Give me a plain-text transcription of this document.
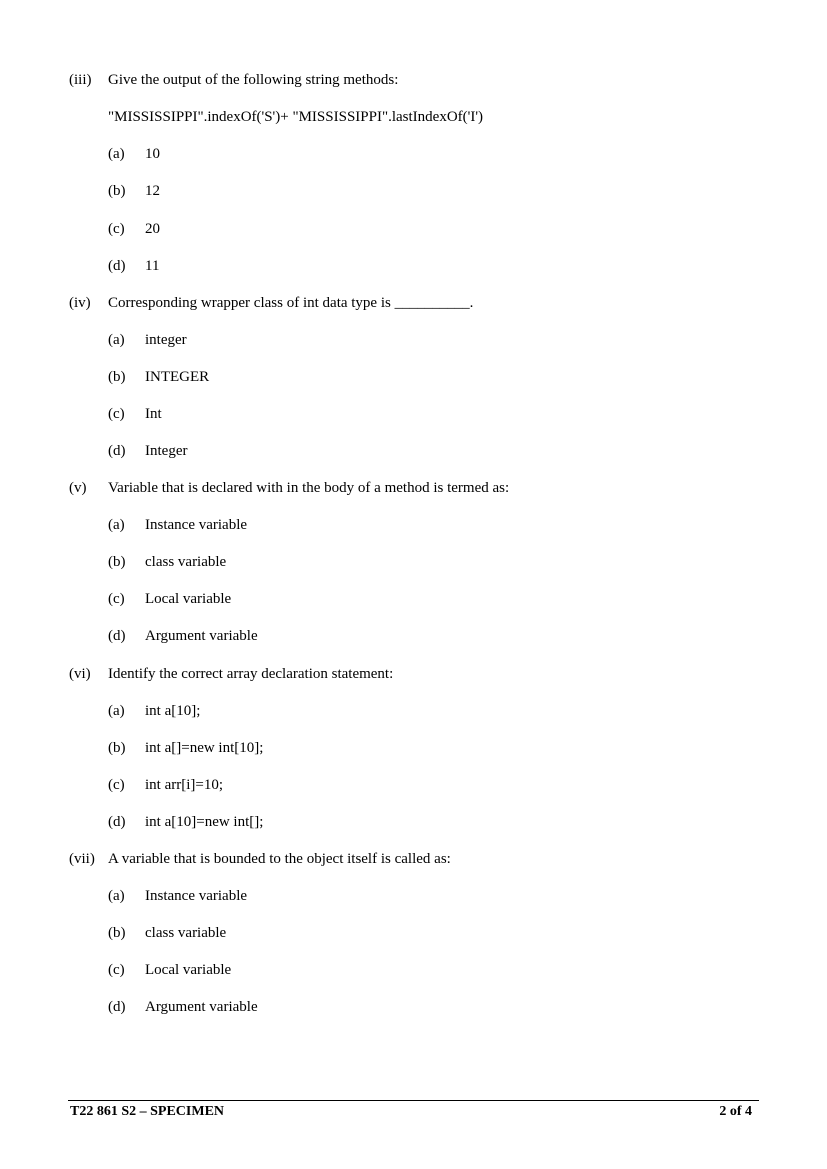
(iii) Give the output of the following string methods:
"MISSISSIPPI".indexOf('S')+ "MISSISSIPPI".lastIndexOf('I')
(a) 10
(b) 12
(c) 20
(d) 11
(iv) Corresponding wrapper class of int data type is __________.
(a) integer
(b) INTEGER
(c) Int
(d) Integer
(v) Variable that is declared with in the body of a method is termed as:
(a) Instance variable
(b) class variable
(c) Local variable
(d) Argument variable
(vi) Identify the correct array declaration statement:
(a) int a[10];
(b) int a[]=new int[10];
(c) int arr[i]=10;
(d) int a[10]=new int[];
(vii) A variable that is bounded to the object itself is called as:
(a) Instance variable
(b) class variable
(c) Local variable
(d) Argument variable
T22 861 S2 – SPECIMEN	2 of 4
